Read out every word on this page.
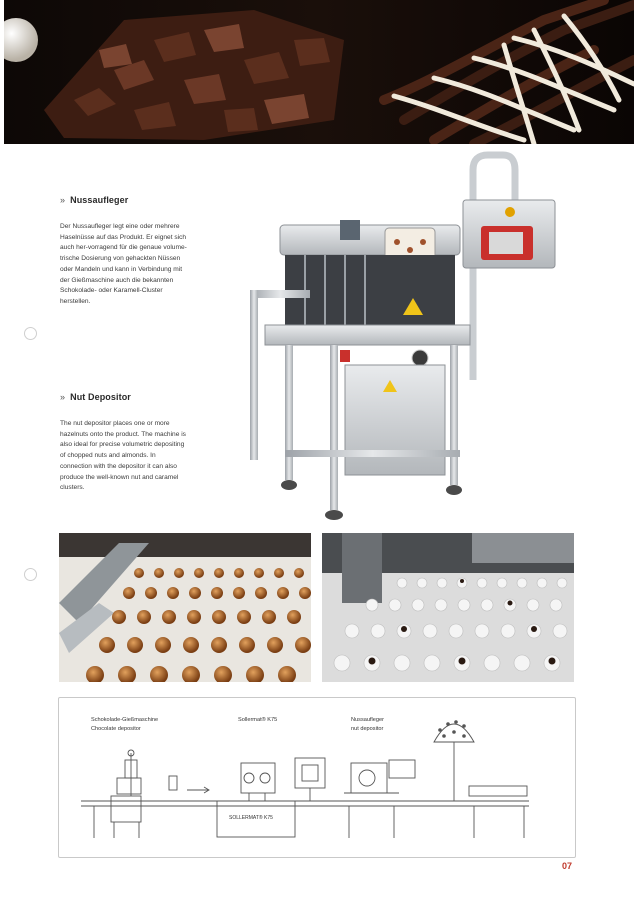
» Nussaufleger
Der Nussaufleger legt eine oder mehrere Haselnüsse auf das Produkt. Er eignet sich auch her-vorragend für die genaue volume-trische Dosierung von gehackten Nüssen oder Mandeln und kann in Verbindung mit der Gießmaschine auch die bekannten Schokolade- oder Karamell-Cluster herstellen.
» Nut Depositor
The nut depositor places one or more hazelnuts onto the product. The machine is also ideal for precise volumetric depositing of chopped nuts and almonds. In connection with the depositor it can also produce the well-known nut and caramel clusters.
Schokolade-Gießmaschine
Chocolate depositor
Sollermat® K75	Nussaufleger
nut depositor
SOLLERMAT® K75
07
